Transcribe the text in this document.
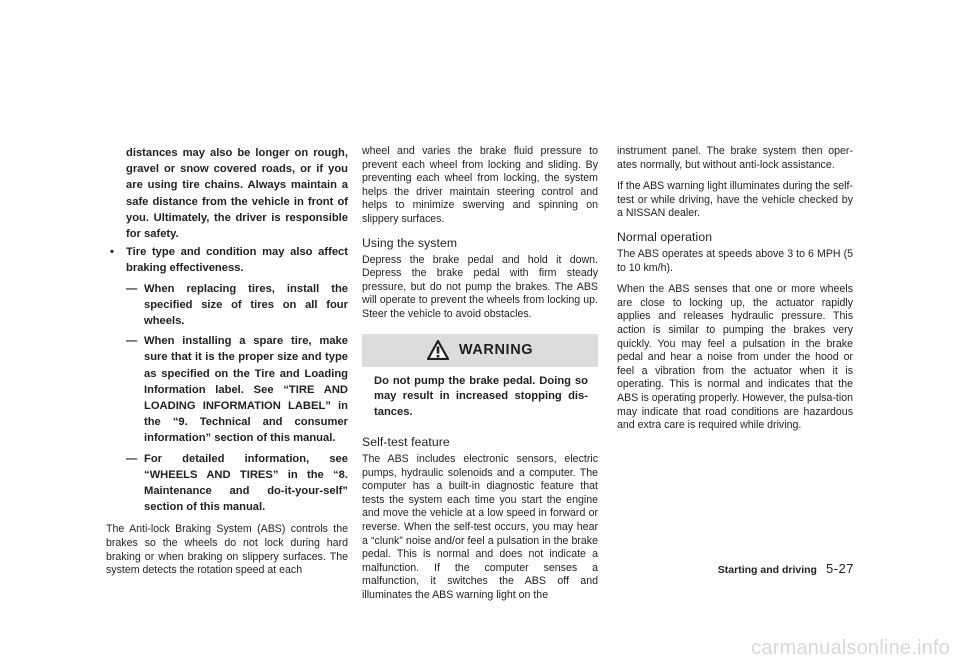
distances may also be longer on rough, gravel or snow covered roads, or if you are using tire chains. Always maintain a safe distance from the vehicle in front of you. Ultimately, the driver is responsible for safety.

• Tire type and condition may also affect braking effectiveness.
— When replacing tires, install the specified size of tires on all four wheels.
— When installing a spare tire, make sure that it is the proper size and type as specified on the Tire and Loading Information label. See “TIRE AND LOADING INFORMATION LABEL” in the “9. Technical and consumer information” section of this manual.
— For detailed information, see “WHEELS AND TIRES” in the “8. Maintenance and do-it-your-self” section of this manual.

The Anti-lock Braking System (ABS) controls the brakes so the wheels do not lock during hard braking or when braking on slippery surfaces. The system detects the rotation speed at each

wheel and varies the brake fluid pressure to prevent each wheel from locking and sliding. By preventing each wheel from locking, the system helps the driver maintain steering control and helps to minimize swerving and spinning on slippery surfaces.

Using the system

Depress the brake pedal and hold it down. Depress the brake pedal with firm steady pressure, but do not pump the brakes. The ABS will operate to prevent the wheels from locking up. Steer the vehicle to avoid obstacles.

WARNING

Do not pump the brake pedal. Doing so may result in increased stopping dis-tances.

Self-test feature

The ABS includes electronic sensors, electric pumps, hydraulic solenoids and a computer. The computer has a built-in diagnostic feature that tests the system each time you start the engine and move the vehicle at a low speed in forward or reverse. When the self-test occurs, you may hear a “clunk” noise and/or feel a pulsation in the brake pedal. This is normal and does not indicate a malfunction. If the computer senses a malfunction, it switches the ABS off and illuminates the ABS warning light on the

instrument panel. The brake system then oper-ates normally, but without anti-lock assistance.

If the ABS warning light illuminates during the self-test or while driving, have the vehicle checked by a NISSAN dealer.

Normal operation

The ABS operates at speeds above 3 to 6 MPH (5 to 10 km/h).

When the ABS senses that one or more wheels are close to locking up, the actuator rapidly applies and releases hydraulic pressure. This action is similar to pumping the brakes very quickly. You may feel a pulsation in the brake pedal and hear a noise from under the hood or feel a vibration from the actuator when it is operating. This is normal and indicates that the ABS is operating properly. However, the pulsa-tion may indicate that road conditions are hazardous and extra care is required while driving.

Starting and driving 5-27
carmanualsonline.info
